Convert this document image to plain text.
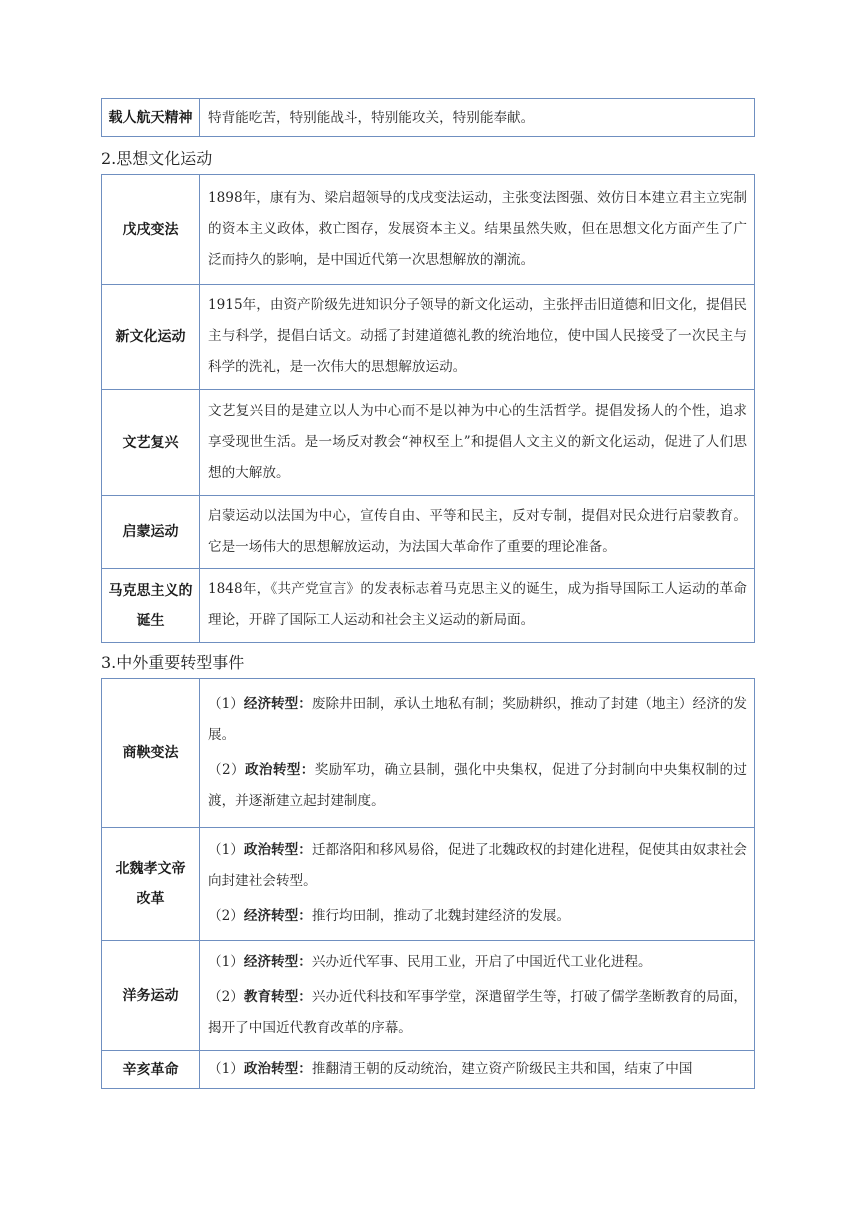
载人航天精神	特背能吃苦，特别能战斗，特别能攻关，特别能奉献。
2.思想文化运动
戊戌变法	1898年，康有为、梁启超领导的戊戌变法运动，主张变法图强、效仿日本建立君主立宪制的资本主义政体，救亡图存，发展资本主义。结果虽然失败，但在思想文化方面产生了广泛而持久的影响，是中国近代第一次思想解放的潮流。
新文化运动	1915年，由资产阶级先进知识分子领导的新文化运动，主张抨击旧道德和旧文化，提倡民主与科学，提倡白话文。动摇了封建道德礼教的统治地位，使中国人民接受了一次民主与科学的洗礼，是一次伟大的思想解放运动。
文艺复兴	文艺复兴目的是建立以人为中心而不是以神为中心的生活哲学。提倡发扬人的个性，追求享受现世生活。是一场反对教会“神权至上”和提倡人文主义的新文化运动，促进了人们思想的大解放。
启蒙运动	启蒙运动以法国为中心，宣传自由、平等和民主，反对专制，提倡对民众进行启蒙教育。它是一场伟大的思想解放运动，为法国大革命作了重要的理论准备。
马克思主义的诞生	1848年，《共产党宣言》的发表标志着马克思主义的诞生，成为指导国际工人运动的革命理论，开辟了国际工人运动和社会主义运动的新局面。
3.中外重要转型事件
商鞅变法	（1）经济转型：废除井田制，承认土地私有制；奖励耕织，推动了封建（地主）经济的发展。

（2）政治转型：奖励军功，确立县制，强化中央集权，促进了分封制向中央集权制的过渡，并逐渐建立起封建制度。

北魏孝文帝改革	（1）政治转型：迁都洛阳和移风易俗，促进了北魏政权的封建化进程，促使其由奴隶社会向封建社会转型。

（2）经济转型：推行均田制，推动了北魏封建经济的发展。

洋务运动	（1）经济转型：兴办近代军事、民用工业，开启了中国近代工业化进程。

（2）教育转型：兴办近代科技和军事学堂，深遣留学生等，打破了儒学垄断教育的局面，揭开了中国近代教育改革的序幕。

辛亥革命	（1）政治转型：推翻清王朝的反动统治，建立资产阶级民主共和国，结束了中国
